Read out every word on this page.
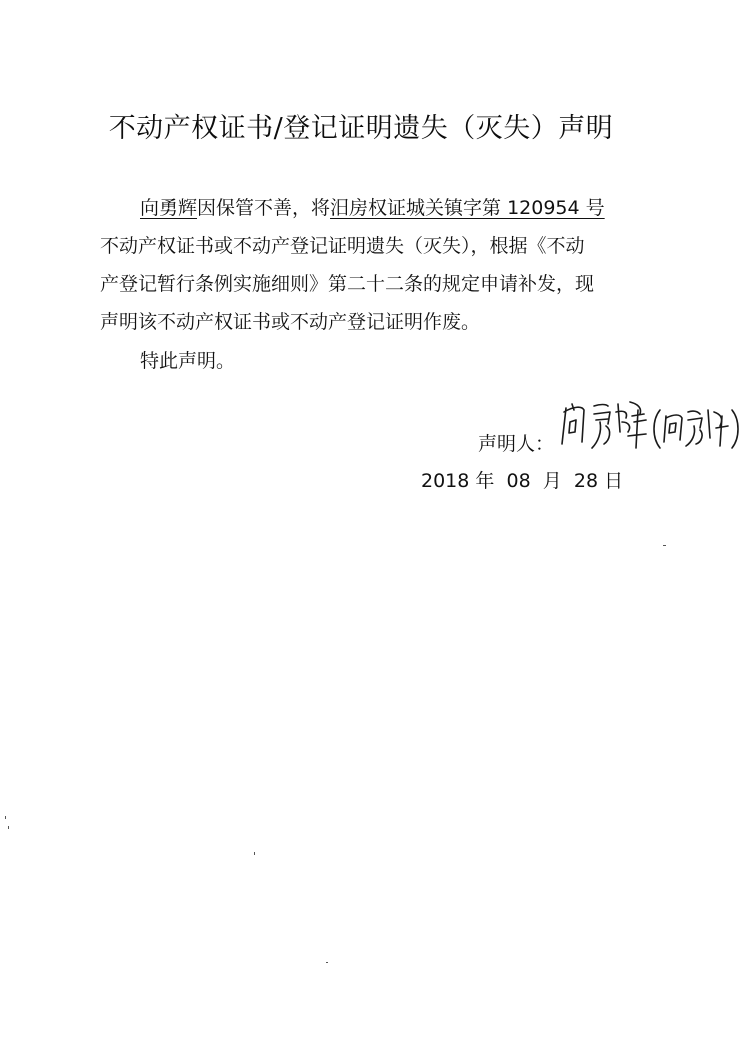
不动产权证书/登记证明遗失（灭失）声明
向勇辉因保管不善，将汨房权证城关镇字第 120954 号
不动产权证书或不动产登记证明遗失（灭失），根据《不动
产登记暂行条例实施细则》第二十二条的规定申请补发，现
声明该不动产权证书或不动产登记证明作废。
特此声明。
声明人：
2018 年 08 月 28 日
